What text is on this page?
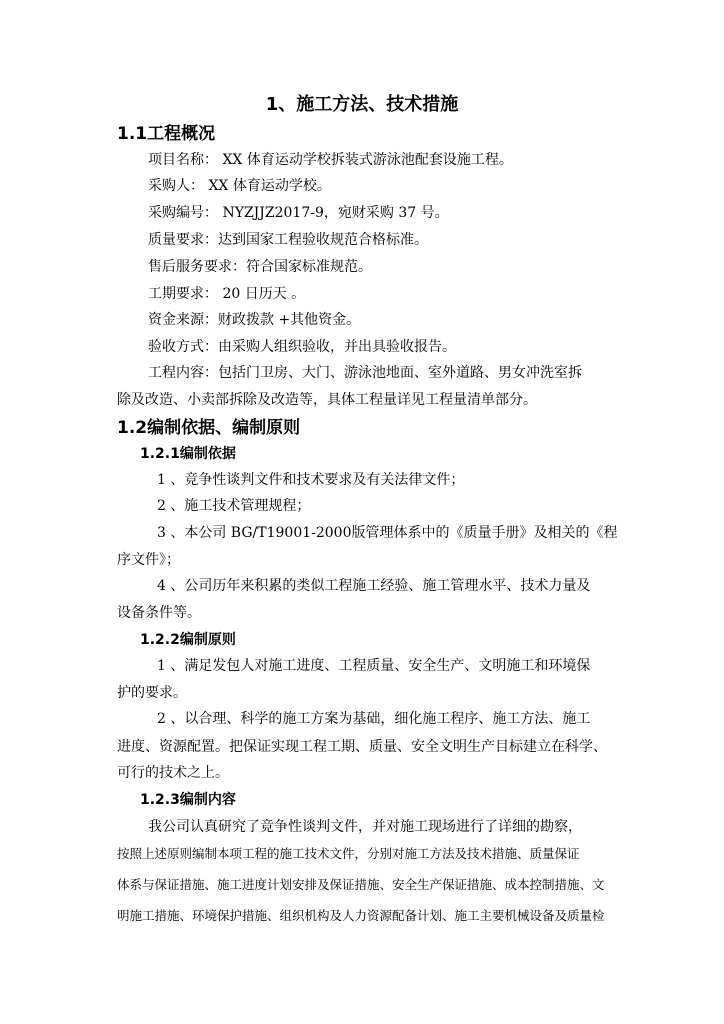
1、施工方法、技术措施
1.1工程概况
项目名称： XX 体育运动学校拆装式游泳池配套设施工程。
采购人： XX 体育运动学校。
采购编号： NYZJJZ2017-9，宛财采购 37 号。
质量要求：达到国家工程验收规范合格标准。
售后服务要求：符合国家标准规范。
工期要求： 20 日历天 。
资金来源：财政拨款 +其他资金。
验收方式：由采购人组织验收，并出具验收报告。
工程内容：包括门卫房、大门、游泳池地面、室外道路、男女冲洗室拆
除及改造、小卖部拆除及改造等，具体工程量详见工程量清单部分。
1.2编制依据、编制原则
1.2.1编制依据
1 、竞争性谈判文件和技术要求及有关法律文件；
2 、施工技术管理规程；
3 、本公司 BG/T19001-2000版管理体系中的《质量手册》及相关的《程
序文件》；
4 、公司历年来积累的类似工程施工经验、施工管理水平、技术力量及
设备条件等。
1.2.2编制原则
1 、满足发包人对施工进度、工程质量、安全生产、文明施工和环境保
护的要求。
2 、以合理、科学的施工方案为基础，细化施工程序、施工方法、施工
进度、资源配置。把保证实现工程工期、质量、安全文明生产目标建立在科学、
可行的技术之上。
1.2.3编制内容
我公司认真研究了竞争性谈判文件，并对施工现场进行了详细的勘察，
按照上述原则编制本项工程的施工技术文件，分别对施工方法及技术措施、质量保证
体系与保证措施、施工进度计划安排及保证措施、安全生产保证措施、成本控制措施、文
明施工措施、环境保护措施、组织机构及人力资源配备计划、施工主要机械设备及质量检
